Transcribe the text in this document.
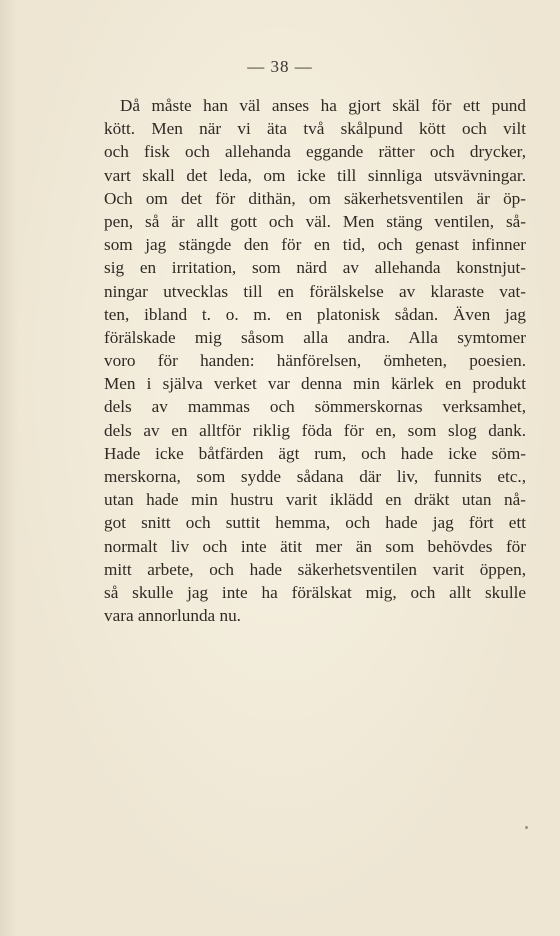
— 38 —
Då måste han väl anses ha gjort skäl för ett pund
kött. Men när vi äta två skålpund kött och vilt
och fisk och allehanda eggande rätter och drycker,
vart skall det leda, om icke till sinnliga utsvävningar.
Och om det för dithän, om säkerhetsventilen är öp-
pen, så är allt gott och väl. Men stäng ventilen, så-
som jag stängde den för en tid, och genast infinner
sig en irritation, som närd av allehanda konstnjut-
ningar utvecklas till en förälskelse av klaraste vat-
ten, ibland t. o. m. en platonisk sådan. Även jag
förälskade mig såsom alla andra. Alla symtomer
voro för handen: hänförelsen, ömheten, poesien.
Men i själva verket var denna min kärlek en produkt
dels av mammas och sömmerskornas verksamhet,
dels av en alltför riklig föda för en, som slog dank.
Hade icke båtfärden ägt rum, och hade icke söm-
merskorna, som sydde sådana där liv, funnits etc.,
utan hade min hustru varit iklädd en dräkt utan nå-
got snitt och suttit hemma, och hade jag fört ett
normalt liv och inte ätit mer än som behövdes för
mitt arbete, och hade säkerhetsventilen varit öppen,
så skulle jag inte ha förälskat mig, och allt skulle
vara annorlunda nu.
